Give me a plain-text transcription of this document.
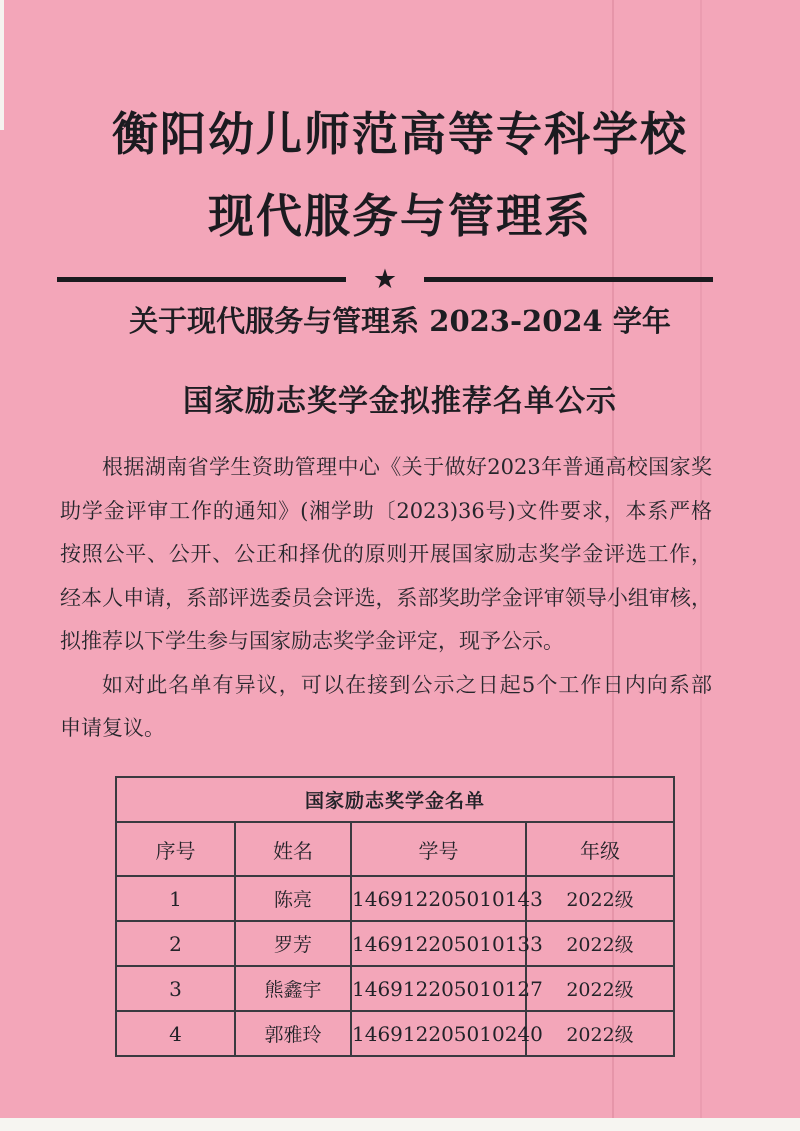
衡阳幼儿师范高等专科学校
现代服务与管理系
★
关于现代服务与管理系 2023-2024 学年
国家励志奖学金拟推荐名单公示
根据湖南省学生资助管理中心《关于做好2023年普通高校国家奖
助学金评审工作的通知》(湘学助〔2023)36号)文件要求，本系严格
按照公平、公开、公正和择优的原则开展国家励志奖学金评选工作，
经本人申请，系部评选委员会评选，系部奖助学金评审领导小组审核，
拟推荐以下学生参与国家励志奖学金评定，现予公示。
如对此名单有异议，可以在接到公示之日起5个工作日内向系部
申请复议。
国家励志奖学金名单			
序号	姓名	学号	年级
1	陈亮	146912205010143	2022级
2	罗芳	146912205010133	2022级
3	熊鑫宇	146912205010127	2022级
4	郭雅玲	146912205010240	2022级
